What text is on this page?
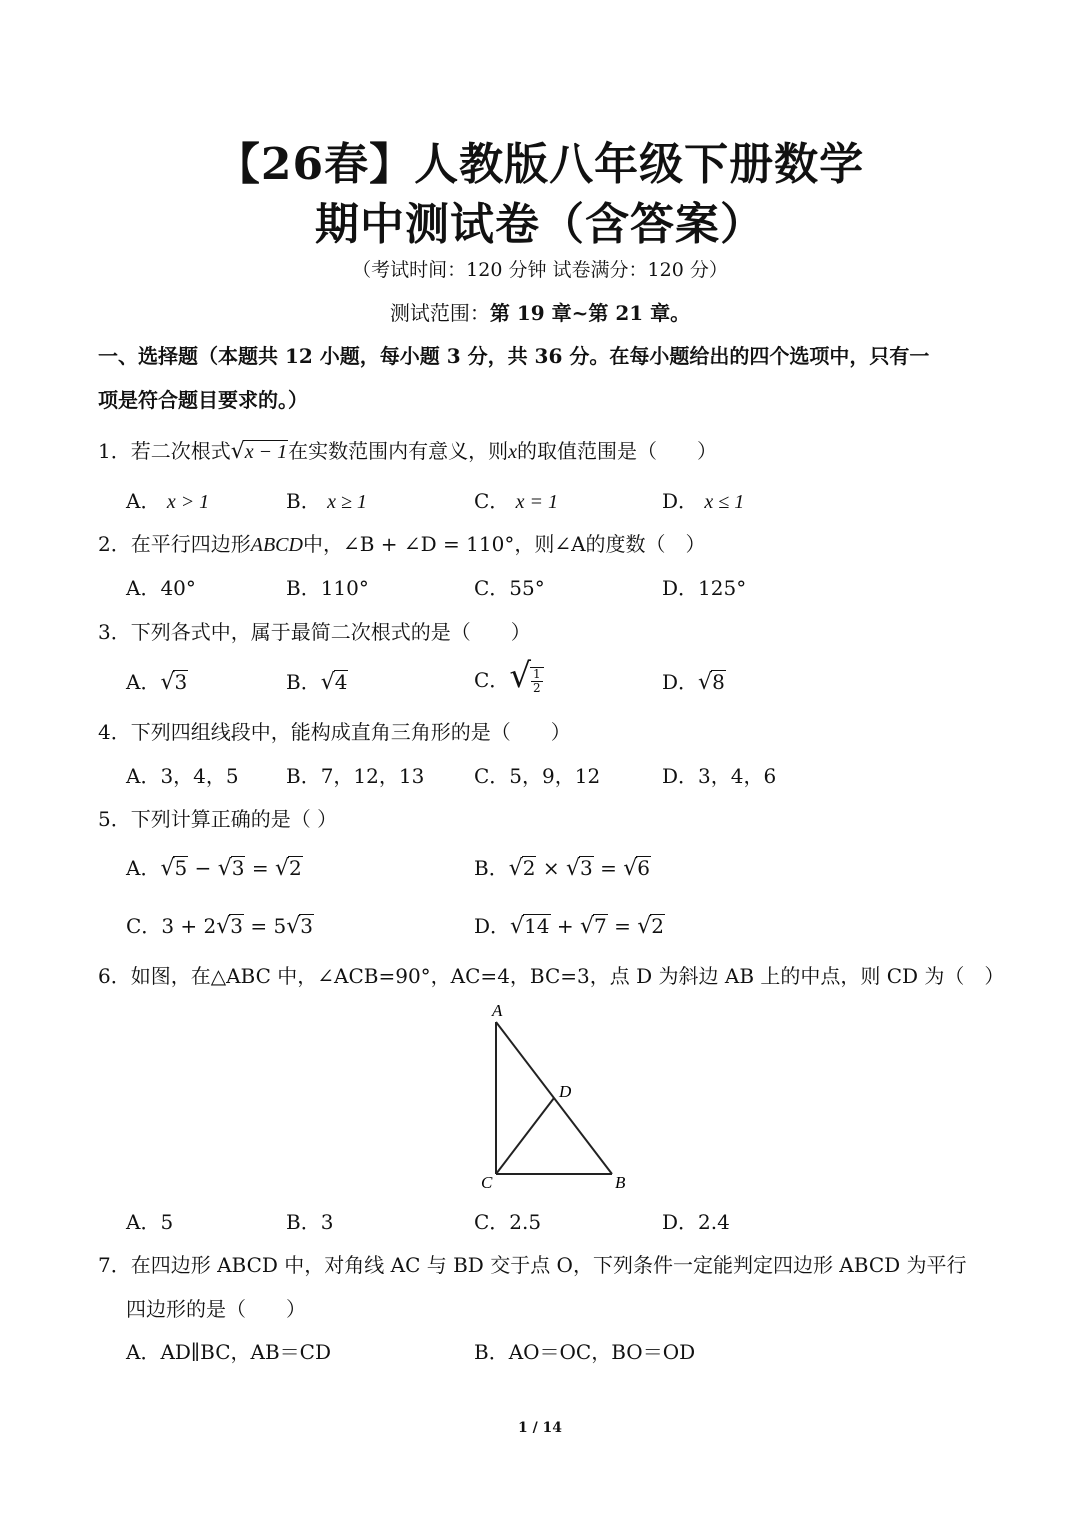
【26春】人教版八年级下册数学
期中测试卷（含答案）
（考试时间：120 分钟 试卷满分：120 分）
测试范围：第 19 章~第 21 章。
一、选择题（本题共 12 小题，每小题 3 分，共 36 分。在每小题给出的四个选项中，只有一
项是符合题目要求的。）
1．若二次根式√x − 1在实数范围内有意义，则x的取值范围是（　　）
A． x > 1	B． x ≥ 1	C． x = 1	D． x ≤ 1
2．在平行四边形ABCD中，∠B + ∠D = 110°，则∠A的度数（　）
A．40°	B．110°	C．55°	D．125°
3．下列各式中，属于最简二次根式的是（　　）
A．√3	B．√4	C．√ $\frac{1}{2}$	D．√8
4．下列四组线段中，能构成直角三角形的是（　　）
A．3，4，5 B．7，12，13 C．5，9，12	D．3，4，6
5．下列计算正确的是（ ）
A．√5 − √3 = √2	B．√2 × √3 = √6
C．3 + 2√3 = 5√3	D．√14 + √7 = √2
6．如图，在△ABC 中，∠ACB=90°，AC=4，BC=3，点 D 为斜边 AB 上的中点，则 CD 为（　）
A
D
C	B
A．5	B．3	C．2.5	D．2.4
7．在四边形 ABCD 中，对角线 AC 与 BD 交于点 O，下列条件一定能判定四边形 ABCD 为平行
四边形的是（　　）
A．AD∥BC，AB＝CD	B．AO＝OC，BO＝OD
1 / 14
